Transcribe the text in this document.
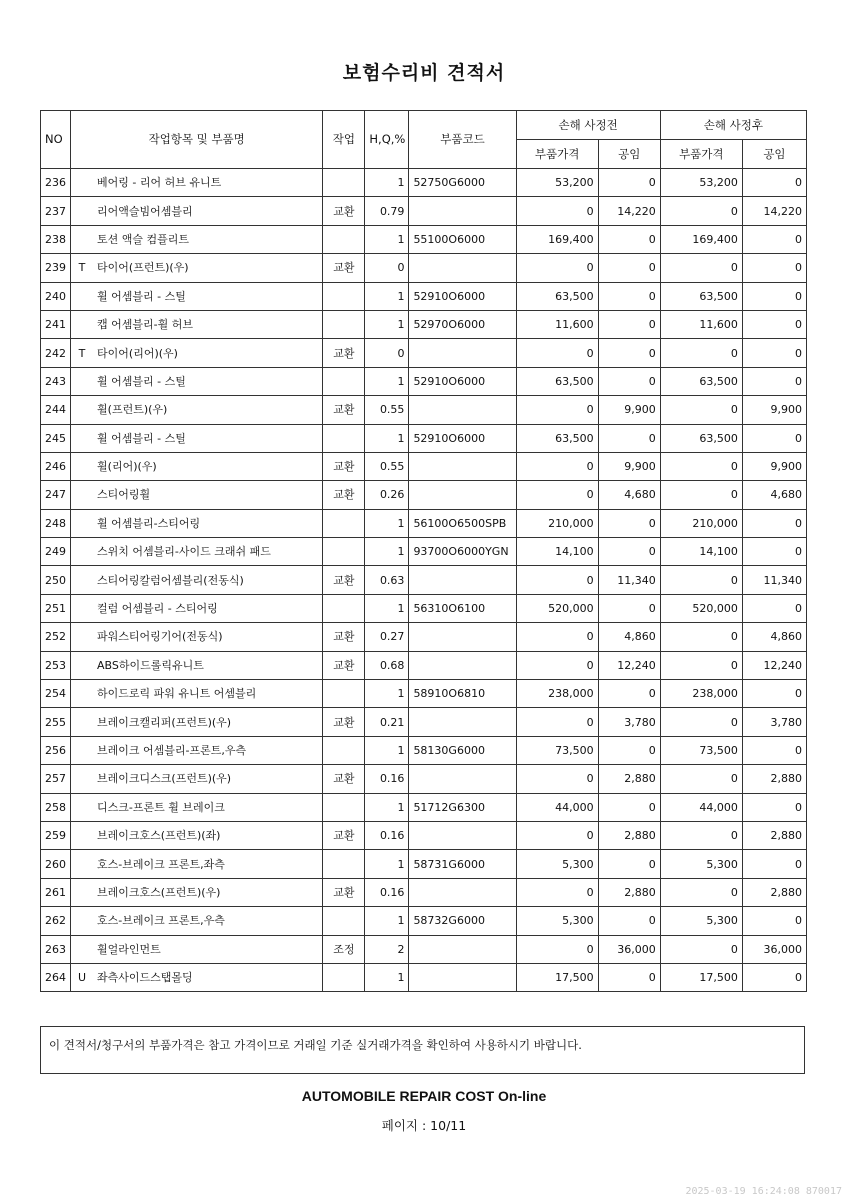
보험수리비 견적서
NO	작업항목 및 부품명	작업	H,Q,%	부품코드	손해 사정전		손해 사정후	
					부품가격	공임	부품가격	공임
236	베어링 - 리어 허브 유니트		1	52750G6000	53,200	0	53,200	0
237	리어액슬빔어셈블리	교환	0.79		0	14,220	0	14,220
238	토션 액슬 컴플리트		1	55100O6000	169,400	0	169,400	0
239	T 타이어(프런트)(우)	교환	0		0	0	0	0
240	휠 어셈블리 - 스틸		1	52910O6000	63,500	0	63,500	0
241	캡 어셈블리-휠 허브		1	52970O6000	11,600	0	11,600	0
242	T 타이어(리어)(우)	교환	0		0	0	0	0
243	휠 어셈블리 - 스틸		1	52910O6000	63,500	0	63,500	0
244	휠(프런트)(우)	교환	0.55		0	9,900	0	9,900
245	휠 어셈블리 - 스틸		1	52910O6000	63,500	0	63,500	0
246	휠(리어)(우)	교환	0.55		0	9,900	0	9,900
247	스티어링휠	교환	0.26		0	4,680	0	4,680
248	휠 어셈블리-스티어링		1	56100O6500SPB	210,000	0	210,000	0
249	스위치 어셈블리-사이드 크래쉬 패드		1	93700O6000YGN	14,100	0	14,100	0
250	스티어링칼럼어셈블리(전동식)	교환	0.63		0	11,340	0	11,340
251	컬럼 어셈블리 - 스티어링		1	56310O6100	520,000	0	520,000	0
252	파워스티어링기어(전동식)	교환	0.27		0	4,860	0	4,860
253	ABS하이드롤릭유니트	교환	0.68		0	12,240	0	12,240
254	하이드로릭 파워 유니트 어셈블리		1	58910O6810	238,000	0	238,000	0
255	브레이크캘리퍼(프런트)(우)	교환	0.21		0	3,780	0	3,780
256	브레이크 어셈블리-프론트,우측		1	58130G6000	73,500	0	73,500	0
257	브레이크디스크(프런트)(우)	교환	0.16		0	2,880	0	2,880
258	디스크-프론트 휠 브레이크		1	51712G6300	44,000	0	44,000	0
259	브레이크호스(프런트)(좌)	교환	0.16		0	2,880	0	2,880
260	호스-브레이크 프론트,좌측		1	58731G6000	5,300	0	5,300	0
261	브레이크호스(프런트)(우)	교환	0.16		0	2,880	0	2,880
262	호스-브레이크 프론트,우측		1	58732G6000	5,300	0	5,300	0
263	휠얼라인먼트	조정	2		0	36,000	0	36,000
264	U 좌측사이드스탭몰딩		1		17,500	0	17,500	0
이 견적서/청구서의 부품가격은 참고 가격이므로 거래일 기준 실거래가격을 확인하여 사용하시기 바랍니다.
AUTOMOBILE REPAIR COST On-line
페이지 : 10/11
2025-03-19 16:24:08 870017
